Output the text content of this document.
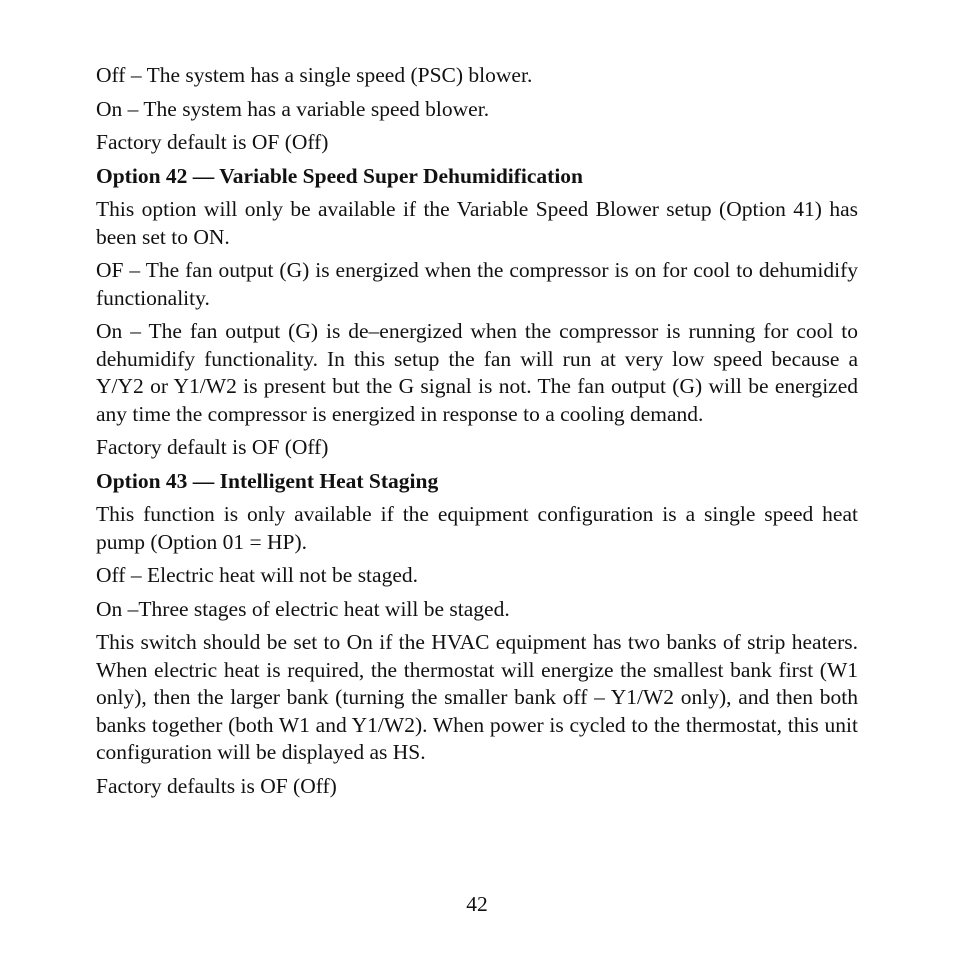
Off – The system has a single speed (PSC) blower.

On – The system has a variable speed blower.

Factory default is OF (Off)

Option 42 — Variable Speed Super Dehumidification

This option will only be available if the Variable Speed Blower setup (Option 41) has been set to ON.

OF – The fan output (G) is energized when the compressor is on for cool to dehumidify functionality.

On – The fan output (G) is de–energized when the compressor is running for cool to dehumidify functionality. In this setup the fan will run at very low speed because a Y/Y2 or Y1/W2 is present but the G signal is not. The fan output (G) will be energized any time the compressor is energized in response to a cooling demand.

Factory default is OF (Off)

Option 43 — Intelligent Heat Staging

This function is only available if the equipment configuration is a single speed heat pump (Option 01 = HP).

Off – Electric heat will not be staged.

On –Three stages of electric heat will be staged.

This switch should be set to On if the HVAC equipment has two banks of strip heaters. When electric heat is required, the thermostat will energize the smallest bank first (W1 only), then the larger bank (turning the smaller bank off – Y1/W2 only), and then both banks together (both W1 and Y1/W2). When power is cycled to the thermostat, this unit configuration will be displayed as HS.

Factory defaults is OF (Off)

42
